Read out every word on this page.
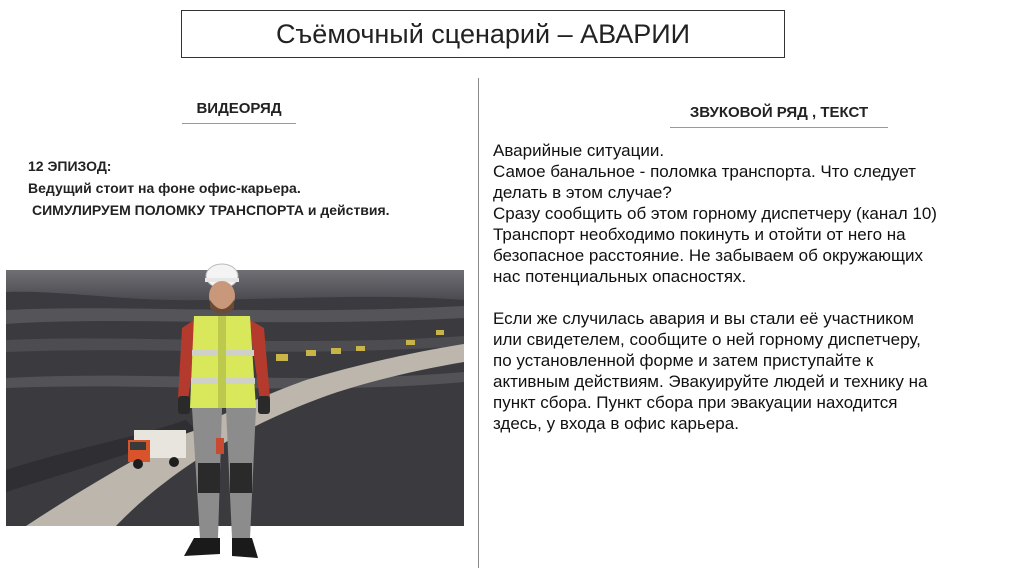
Съёмочный сценарий – АВАРИИ
ВИДЕОРЯД	ЗВУКОВОЙ РЯД , ТЕКСТ
12 ЭПИЗОД:
Ведущий стоит на фоне офис-карьера.
СИМУЛИРУЕМ ПОЛОМКУ ТРАНСПОРТА и действия.

Аварийные ситуации.

Самое банальное - поломка транспорта. Что следует

делать в этом случае?

Сразу сообщить об этом горному диспетчеру (канал 10)

Транспорт необходимо покинуть и отойти от него на

безопасное расстояние. Не забываем об окружающих

нас потенциальных опасностях.

Если же случилась авария и вы стали её участником

или свидетелем, сообщите о ней горному диспетчеру,

по установленной форме и затем приступайте к

активным действиям. Эвакуируйте людей и технику на

пункт сбора. Пункт сбора при эвакуации находится

здесь, у входа в офис карьера.
